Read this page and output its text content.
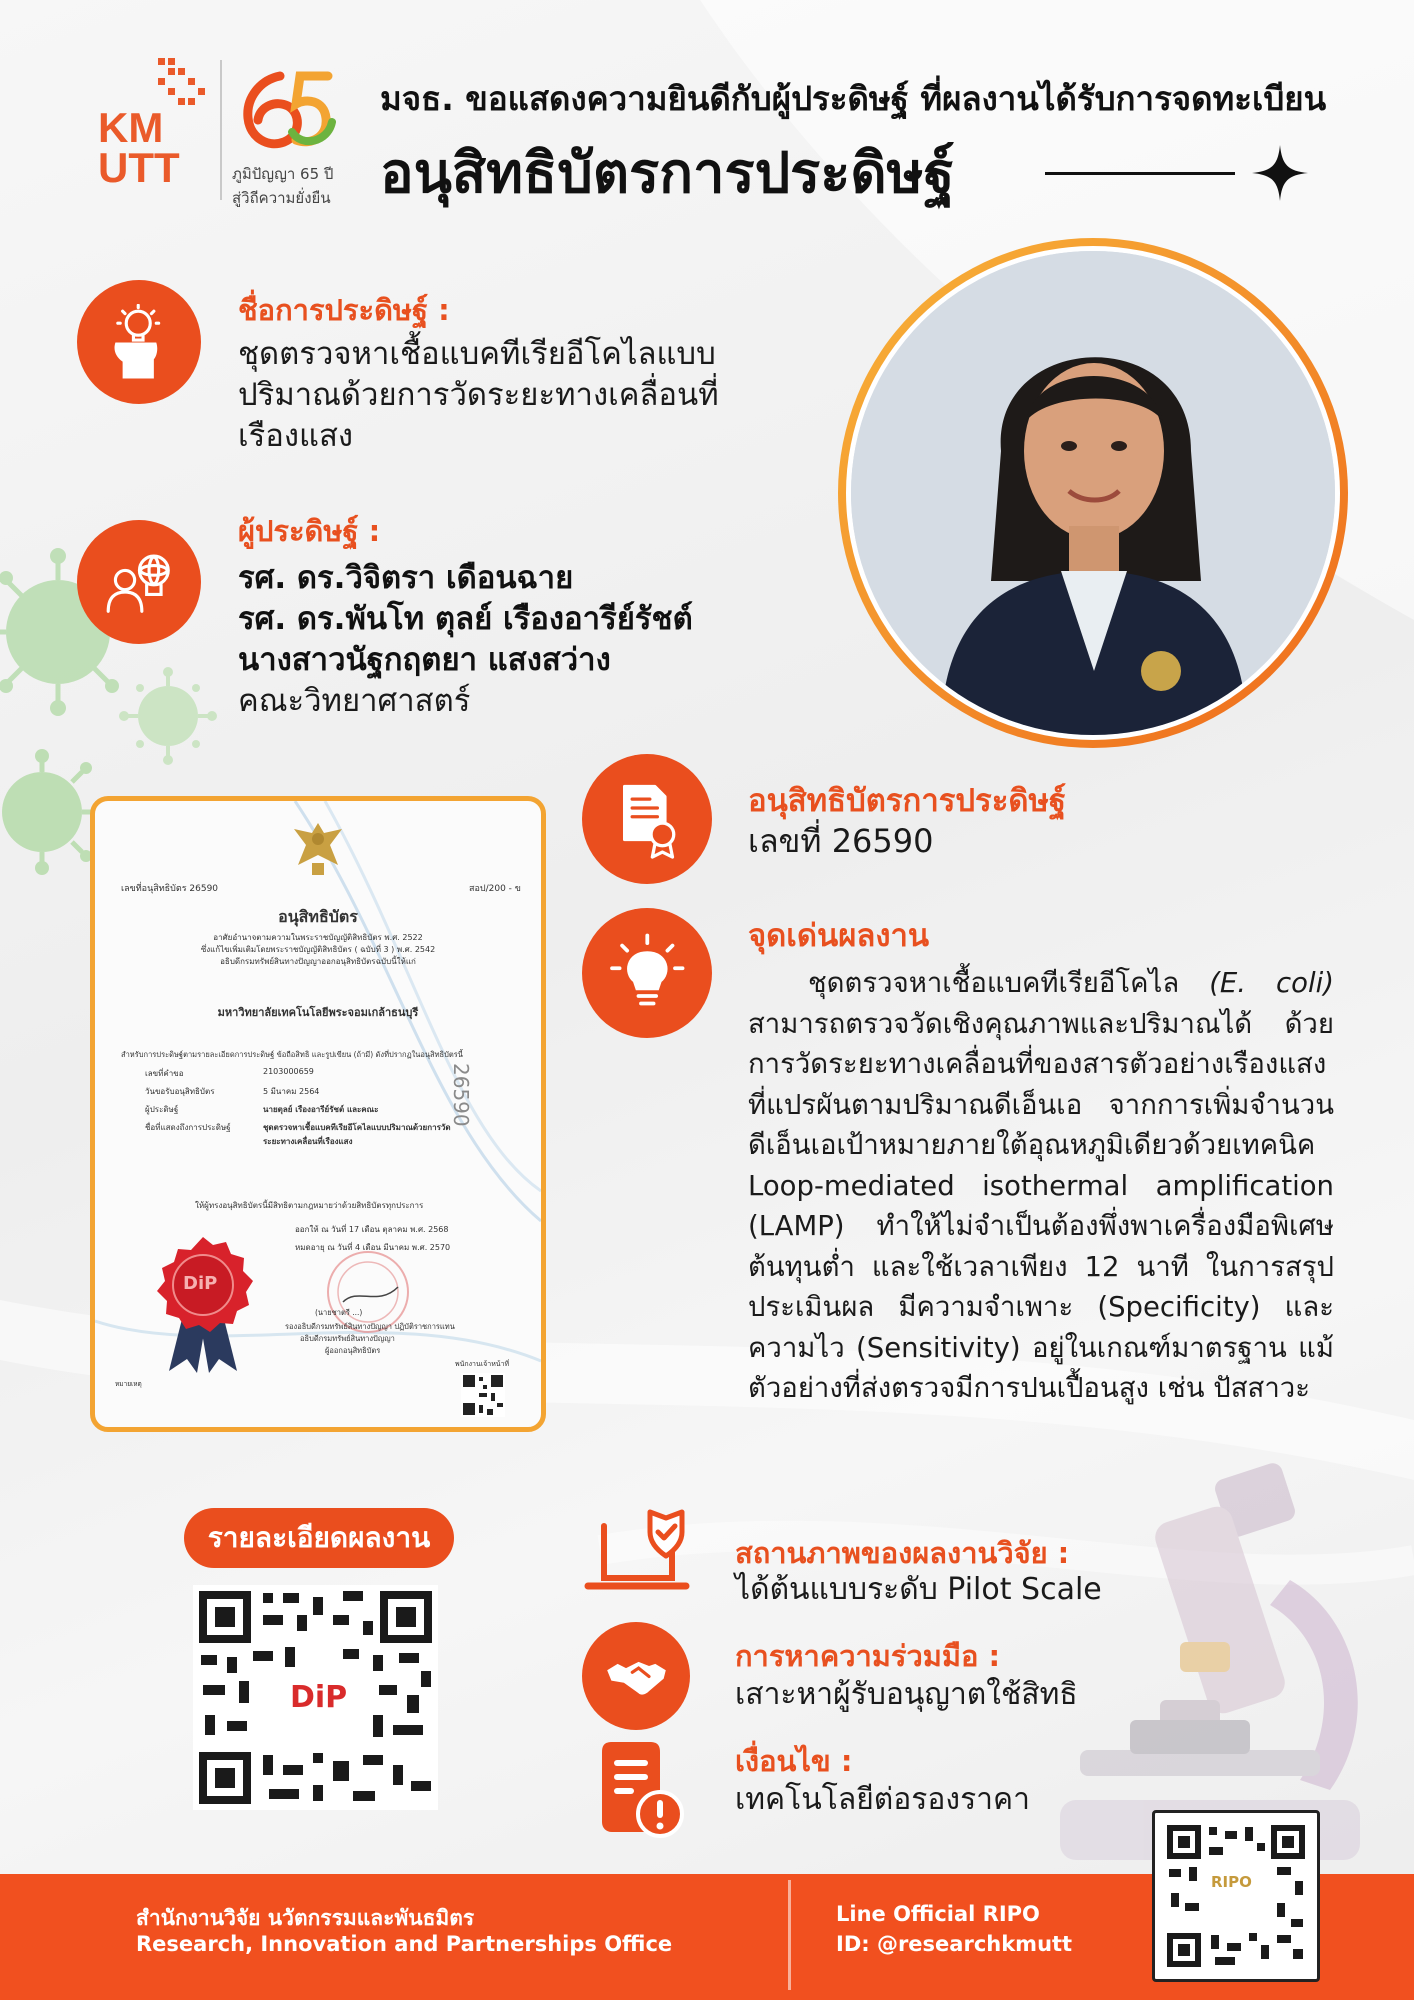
KM
UTT	ภูมิปัญญา 65 ปี
สู่วิถีความยั่งยืน
มจธ. ขอแสดงความยินดีกับผู้ประดิษฐ์ ที่ผลงานได้รับการจดทะเบียน
อนุสิทธิบัตรการประดิษฐ์
ชื่อการประดิษฐ์ :
ชุดตรวจหาเชื้อแบคทีเรียอีโคไลแบบ
ปริมาณด้วยการวัดระยะทางเคลื่อนที่
เรืองแสง
ผู้ประดิษฐ์ :
รศ. ดร.วิจิตรา เดือนฉาย
รศ. ดร.พันโท ตุลย์ เรืองอารีย์รัชต์
นางสาวนัฐกฤตยา แสงสว่าง
คณะวิทยาศาสตร์
เลขที่อนุสิทธิบัตร 26590	สอป/200 - ข
อนุสิทธิบัตร
อาศัยอำนาจตามความในพระราชบัญญัติสิทธิบัตร พ.ศ. 2522
ซึ่งแก้ไขเพิ่มเติมโดยพระราชบัญญัติสิทธิบัตร ( ฉบับที่ 3 ) พ.ศ. 2542
อธิบดีกรมทรัพย์สินทางปัญญาออกอนุสิทธิบัตรฉบับนี้ให้แก่
มหาวิทยาลัยเทคโนโลยีพระจอมเกล้าธนบุรี
สำหรับการประดิษฐ์ตามรายละเอียดการประดิษฐ์ ข้อถือสิทธิ และรูปเขียน (ถ้ามี) ดังที่ปรากฏในอนุสิทธิบัตรนี้
เลขที่คำขอ	2103000659
วันขอรับอนุสิทธิบัตร	5 มีนาคม 2564
ผู้ประดิษฐ์	นายตุลย์ เรืองอารีย์รัชต์ และคณะ
ชื่อที่แสดงถึงการประดิษฐ์	ชุดตรวจหาเชื้อแบคทีเรียอีโคไลแบบปริมาณด้วยการวัด
ระยะทางเคลื่อนที่เรืองแสง
26590
ให้ผู้ทรงอนุสิทธิบัตรนี้มีสิทธิตามกฎหมายว่าด้วยสิทธิบัตรทุกประการ
ออกให้ ณ วันที่ 17 เดือน ตุลาคม พ.ศ. 2568
หมดอายุ ณ วันที่ 4 เดือน มีนาคม พ.ศ. 2570
DiP
(นายชาตรี ...)
รองอธิบดีกรมทรัพย์สินทางปัญญา ปฏิบัติราชการแทน
อธิบดีกรมทรัพย์สินทางปัญญา
ผู้ออกอนุสิทธิบัตร
พนักงานเจ้าหน้าที่
หมายเหตุ
อนุสิทธิบัตรการประดิษฐ์
เลขที่ 26590
จุดเด่นผลงาน
ชุดตรวจหาเชื้อแบคทีเรียอีโคไล (E. coli) สามารถตรวจวัดเชิงคุณภาพและปริมาณได้ ด้วยการวัดระยะทางเคลื่อนที่ของสารตัวอย่างเรืองแสงที่แปรผันตามปริมาณดีเอ็นเอ จากการเพิ่มจำนวนดีเอ็นเอเป้าหมายภายใต้อุณหภูมิเดียวด้วยเทคนิค Loop-mediated isothermal amplification (LAMP) ทำให้ไม่จำเป็นต้องพึ่งพาเครื่องมือพิเศษ ต้นทุนต่ำ และใช้เวลาเพียง 12 นาที ในการสรุปประเมินผล มีความจำเพาะ (Specificity) และความไว (Sensitivity) อยู่ในเกณฑ์มาตรฐาน แม้ตัวอย่างที่ส่งตรวจมีการปนเปื้อนสูง เช่น ปัสสาวะ
รายละเอียดผลงาน
DiP
สถานภาพของผลงานวิจัย :
ได้ต้นแบบระดับ Pilot Scale
การหาความร่วมมือ :
เสาะหาผู้รับอนุญาตใช้สิทธิ
เงื่อนไข :
เทคโนโลยีต่อรองราคา
สำนักงานวิจัย นวัตกรรมและพันธมิตร
Research, Innovation and Partnerships Office
Line Official RIPO
ID: @researchkmutt
RIPO
